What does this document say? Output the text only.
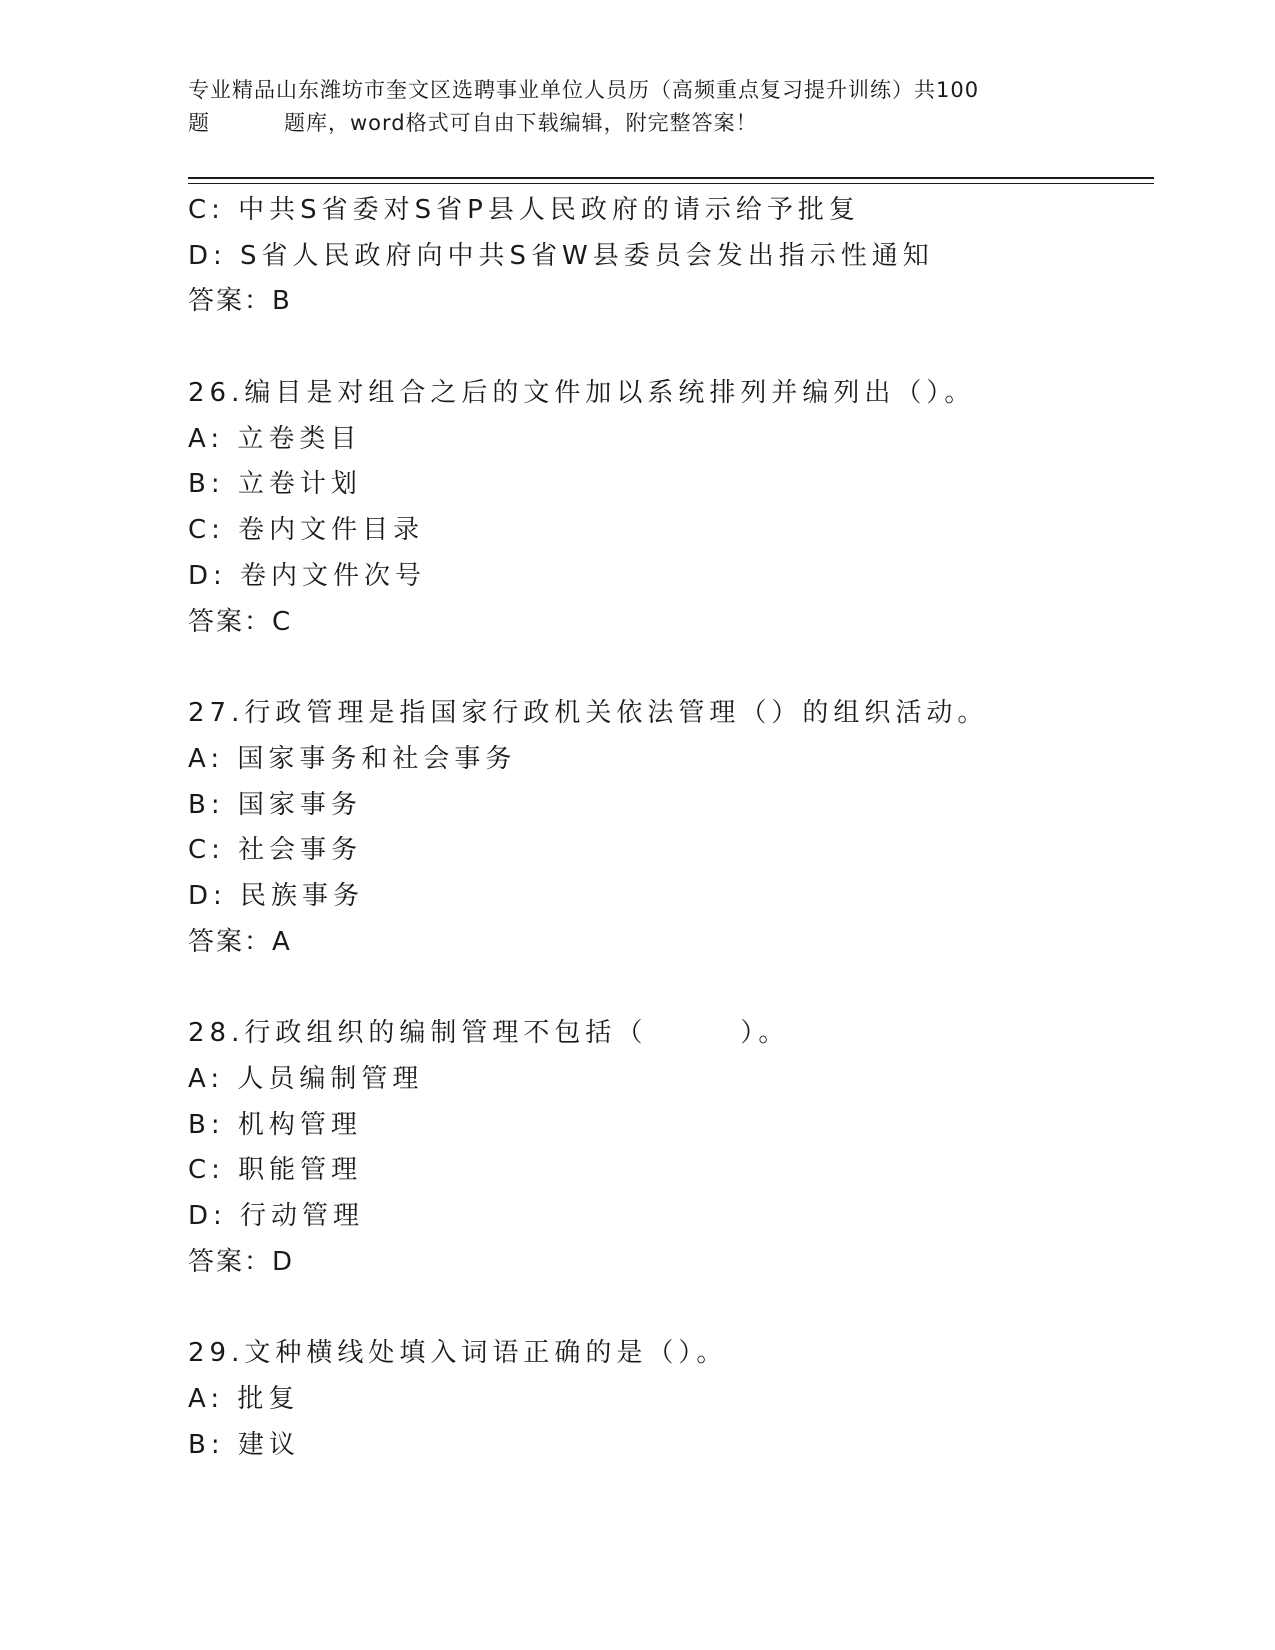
专业精品山东潍坊市奎文区选聘事业单位人员历（高频重点复习提升训练）共100
题	题库，word格式可自由下载编辑，附完整答案！
C: 中共S省委对S省P县人民政府的请示给予批复
D: S省人民政府向中共S省W县委员会发出指示性通知
答案：B
26.编目是对组合之后的文件加以系统排列并编列出（）。
A: 立卷类目
B: 立卷计划
C: 卷内文件目录
D: 卷内文件次号
答案：C
27.行政管理是指国家行政机关依法管理（）的组织活动。
A: 国家事务和社会事务
B: 国家事务
C: 社会事务
D: 民族事务
答案：A
28.行政组织的编制管理不包括（　　　）。
A: 人员编制管理
B: 机构管理
C: 职能管理
D: 行动管理
答案：D
29.文种横线处填入词语正确的是（）。
A: 批复
B: 建议
